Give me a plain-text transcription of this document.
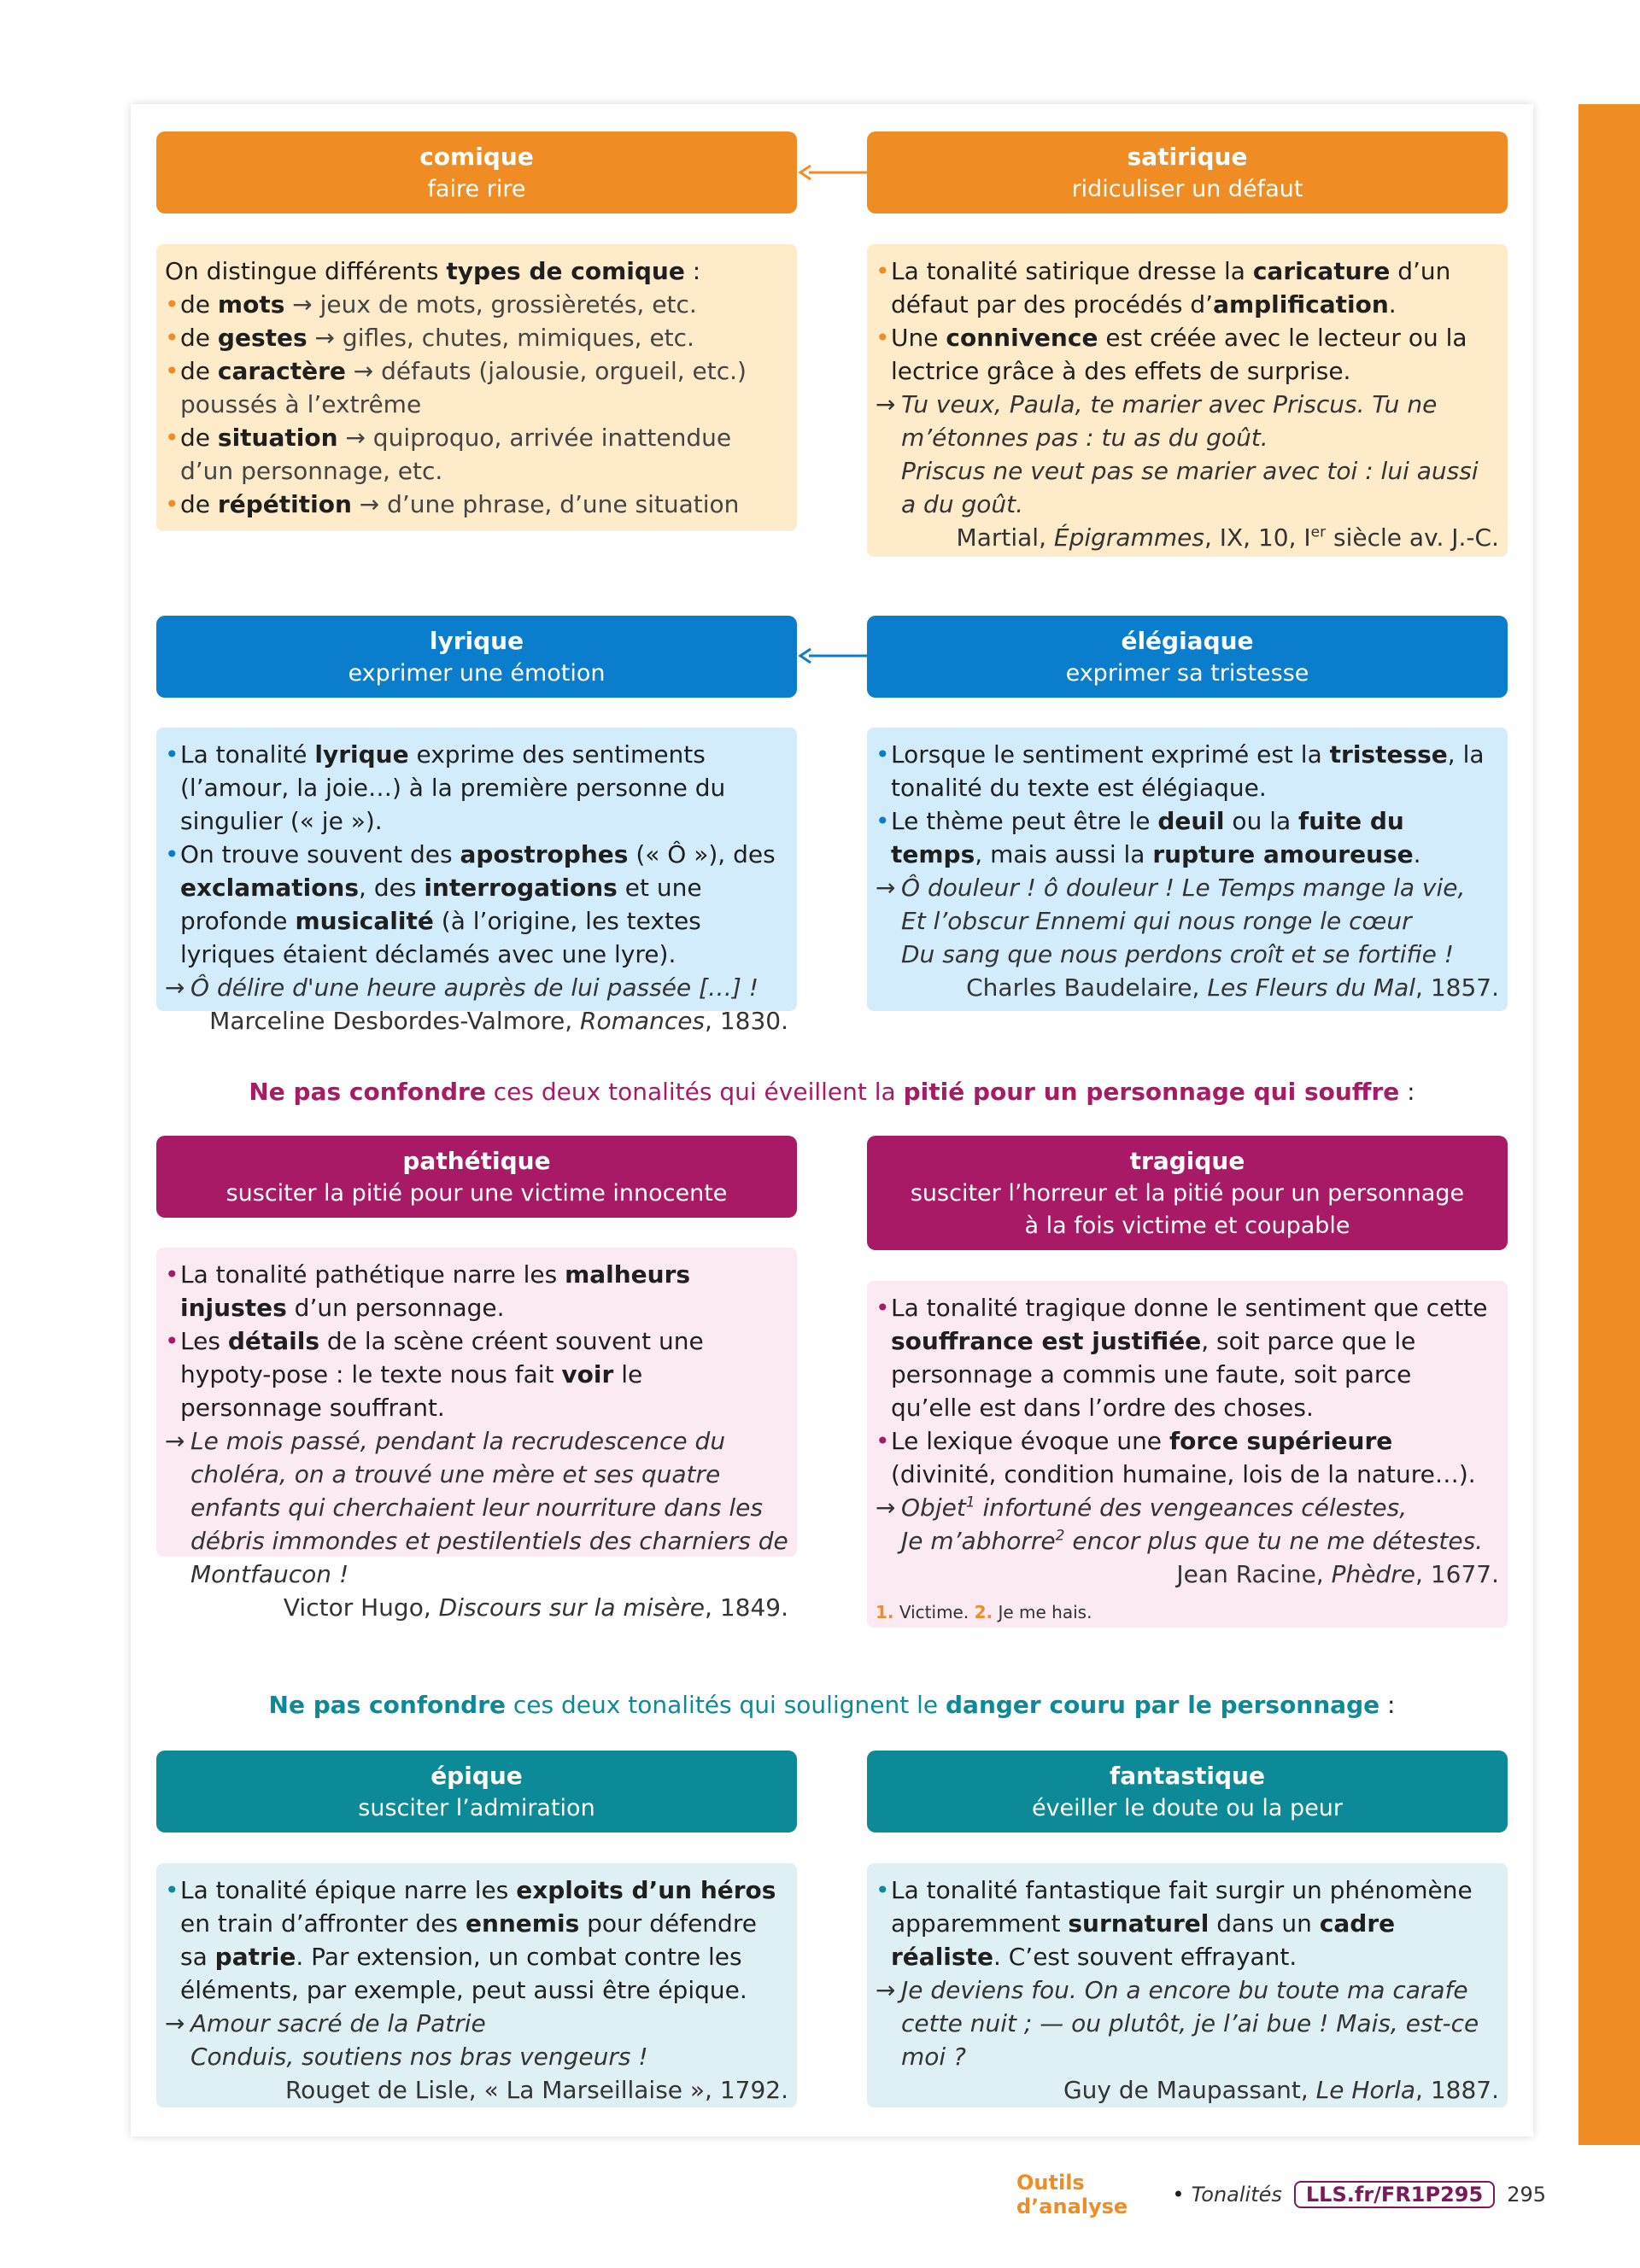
comique
faire rire
satirique
ridiculiser un défaut
On distingue différents types de comique :
•de mots → jeux de mots, grossièretés, etc.
•de gestes → gifles, chutes, mimiques, etc.
•de caractère → défauts (jalousie, orgueil, etc.) poussés à l’extrême
•de situation → quiproquo, arrivée inattendue d’un personnage, etc.
•de répétition → d’une phrase, d’une situation
•La tonalité satirique dresse la caricature d’un défaut par des procédés d’amplification.
•Une connivence est créée avec le lecteur ou la lectrice grâce à des effets de surprise.
→ Tu veux, Paula, te marier avec Priscus. Tu ne m’étonnes pas : tu as du goût.
Priscus ne veut pas se marier avec toi : lui aussi a du goût.
Martial, Épigrammes, IX, 10, Ier siècle av. J.-C.
lyrique
exprimer une émotion
élégiaque
exprimer sa tristesse
•La tonalité lyrique exprime des sentiments (l’amour, la joie…) à la première personne du singulier (« je »).
•On trouve souvent des apostrophes (« Ô »), des exclamations, des interrogations et une profonde musicalité (à l’origine, les textes lyriques étaient déclamés avec une lyre).
→ Ô délire d'une heure auprès de lui passée […] !
Marceline Desbordes-Valmore, Romances, 1830.
•Lorsque le sentiment exprimé est la tristesse, la tonalité du texte est élégiaque.
•Le thème peut être le deuil ou la fuite du temps, mais aussi la rupture amoureuse.
→ Ô douleur ! ô douleur ! Le Temps mange la vie,
Et l’obscur Ennemi qui nous ronge le cœur
Du sang que nous perdons croît et se fortifie !
Charles Baudelaire, Les Fleurs du Mal, 1857.
Ne pas confondre ces deux tonalités qui éveillent la pitié pour un personnage qui souffre :
pathétique
susciter la pitié pour une victime innocente
tragique
susciter l’horreur et la pitié pour un personnage
à la fois victime et coupable
•La tonalité pathétique narre les malheurs injustes d’un personnage.
•Les détails de la scène créent souvent une hypoty-pose : le texte nous fait voir le personnage souffrant.
→ Le mois passé, pendant la recrudescence du choléra, on a trouvé une mère et ses quatre enfants qui cherchaient leur nourriture dans les débris immondes et pestilentiels des charniers de Montfaucon !
Victor Hugo, Discours sur la misère, 1849.
•La tonalité tragique donne le sentiment que cette souffrance est justifiée, soit parce que le personnage a commis une faute, soit parce qu’elle est dans l’ordre des choses.
•Le lexique évoque une force supérieure (divinité, condition humaine, lois de la nature…).
→ Objet$^1$ infortuné des vengeances célestes,
Je m’abhorre$^2$ encor plus que tu ne me détestes.
Jean Racine, Phèdre, 1677.
1. Victime. 2. Je me hais.
Ne pas confondre ces deux tonalités qui soulignent le danger couru par le personnage :
épique
susciter l’admiration
fantastique
éveiller le doute ou la peur
•La tonalité épique narre les exploits d’un héros en train d’affronter des ennemis pour défendre sa patrie. Par extension, un combat contre les éléments, par exemple, peut aussi être épique.
→ Amour sacré de la Patrie
Conduis, soutiens nos bras vengeurs !
Rouget de Lisle, « La Marseillaise », 1792.
•La tonalité fantastique fait surgir un phénomène apparemment surnaturel dans un cadre réaliste. C’est souvent effrayant.
→ Je deviens fou. On a encore bu toute ma carafe cette nuit ; — ou plutôt, je l’ai bue ! Mais, est-ce moi ?
Guy de Maupassant, Le Horla, 1887.
Outils d’analyse	• Tonalités	LLS.fr/FR1P295	295
